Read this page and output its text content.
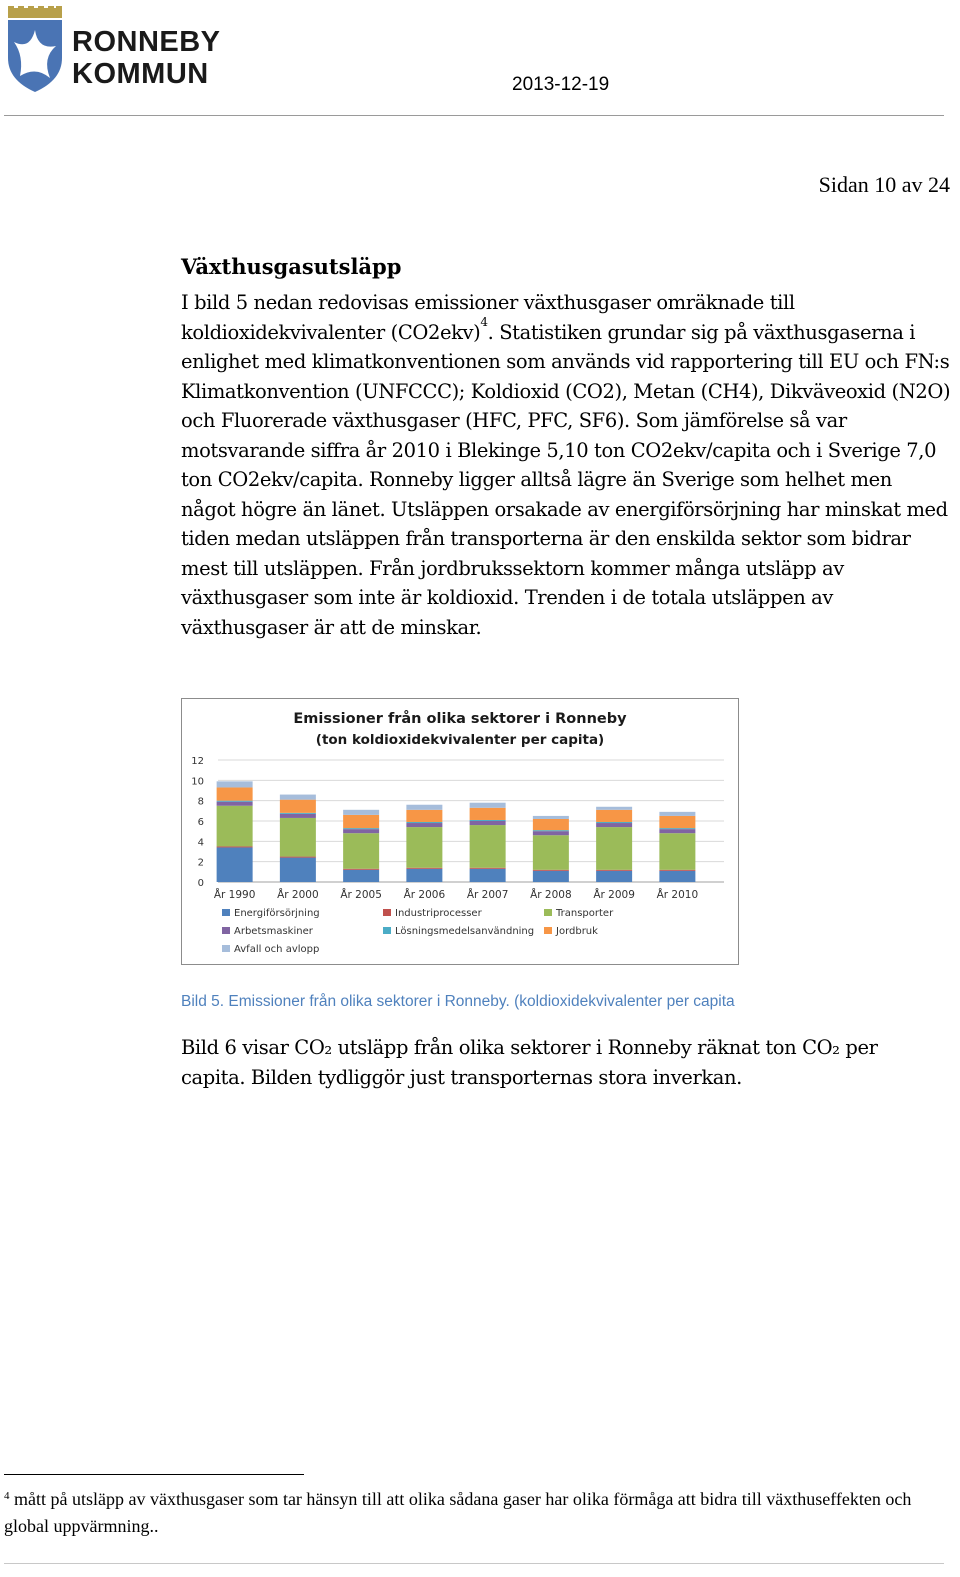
RONNEBY
KOMMUN	2013-12-19
Sidan 10 av 24
Växthusgasutsläpp

I bild 5 nedan redovisas emissioner växthusgaser omräknade till koldioxidekvivalenter $(CO2ekv)^4$. Statistiken grundar sig på växthusgaserna i enlighet med klimatkonventionen som används vid rapportering till EU och FN:s Klimatkonvention (UNFCCC); Koldioxid (CO2), Metan (CH4), Dikväveoxid (N2O) och Fluorerade växthusgaser (HFC, PFC, SF6). Som jämförelse så var motsvarande siffra år 2010 i Blekinge 5,10 ton CO2ekv/capita och i Sverige 7,0 ton CO2ekv/capita. Ronneby ligger alltså lägre än Sverige som helhet men något högre än länet. Utsläppen orsakade av energiförsörjning har minskat med tiden medan utsläppen från transporterna är den enskilda sektor som bidrar mest till utsläppen. Från jordbrukssektorn kommer många utsläpp av växthusgaser som inte är koldioxid. Trenden i de totala utsläppen av växthusgaser är att de minskar.

Emissioner från olika sektorer i Ronneby
(ton koldioxidekvivalenter per capita)
0
2
4
6
8
10
12
År 1990 År 2000 År 2005 År 2006 År 2007 År 2008 År 2009 År 2010
Energiförsörjning	Industriprocesser	Transporter
Arbetsmaskiner	Lösningsmedelsanvändning Jordbruk
Avfall och avlopp
Bild 5. Emissioner från olika sektorer i Ronneby. (koldioxidekvivalenter per capita

Bild 6 visar CO₂ utsläpp från olika sektorer i Ronneby räknat ton CO₂ per capita. Bilden tydliggör just transporternas stora inverkan.

$^4$ mått på utsläpp av växthusgaser som tar hänsyn till att olika sådana gaser har olika förmåga att bidra till växthuseffekten och global uppvärmning..
